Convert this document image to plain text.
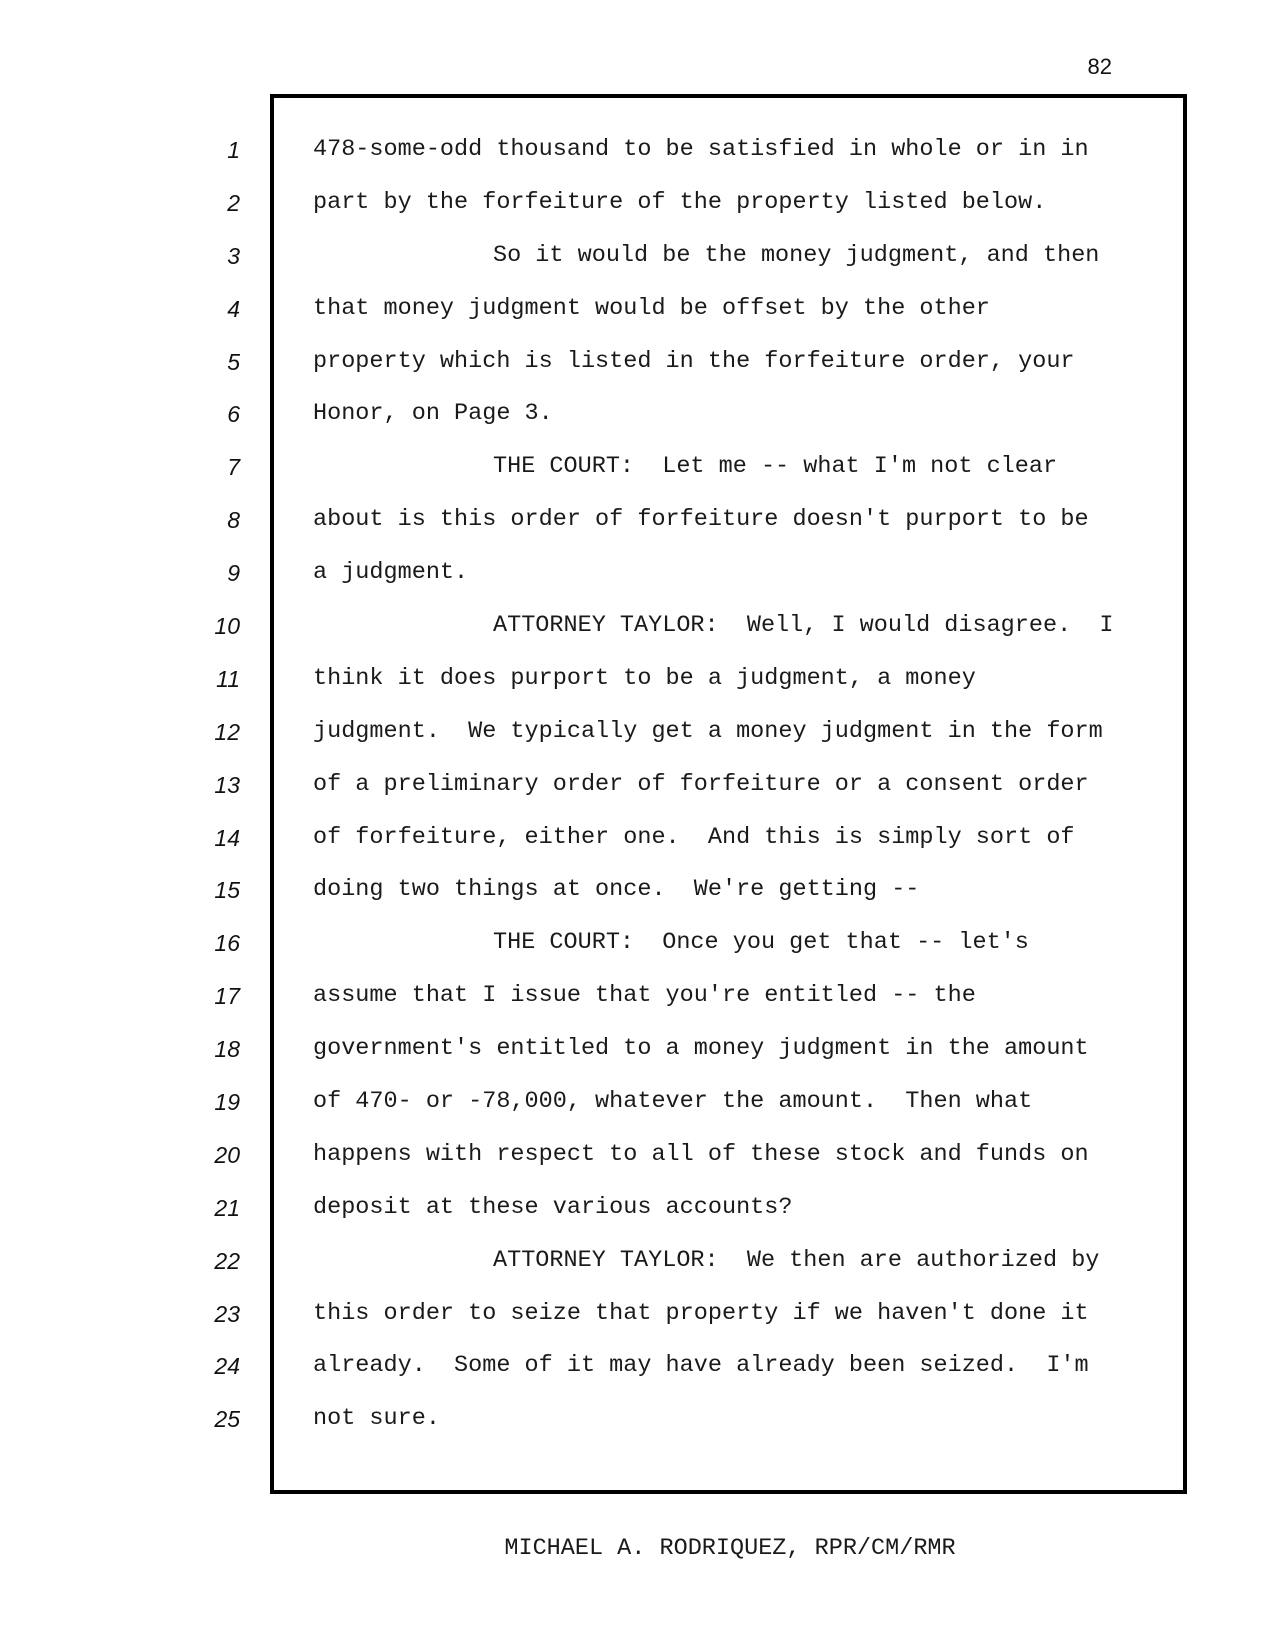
82
1
2
3
4
5
6
7
8
9
10
11
12
13
14
15
16
17
18
19
20
21
22
23
24
25
478-some-odd thousand to be satisfied in whole or in in
part by the forfeiture of the property listed below.
So it would be the money judgment, and then
that money judgment would be offset by the other
property which is listed in the forfeiture order, your
Honor, on Page 3.
THE COURT:  Let me -- what I'm not clear
about is this order of forfeiture doesn't purport to be
a judgment.
ATTORNEY TAYLOR:  Well, I would disagree.  I
think it does purport to be a judgment, a money
judgment.  We typically get a money judgment in the form
of a preliminary order of forfeiture or a consent order
of forfeiture, either one.  And this is simply sort of
doing two things at once.  We're getting --
THE COURT:  Once you get that -- let's
assume that I issue that you're entitled -- the
government's entitled to a money judgment in the amount
of 470- or -78,000, whatever the amount.  Then what
happens with respect to all of these stock and funds on
deposit at these various accounts?
ATTORNEY TAYLOR:  We then are authorized by
this order to seize that property if we haven't done it
already.  Some of it may have already been seized.  I'm
not sure.
MICHAEL A. RODRIQUEZ, RPR/CM/RMR
